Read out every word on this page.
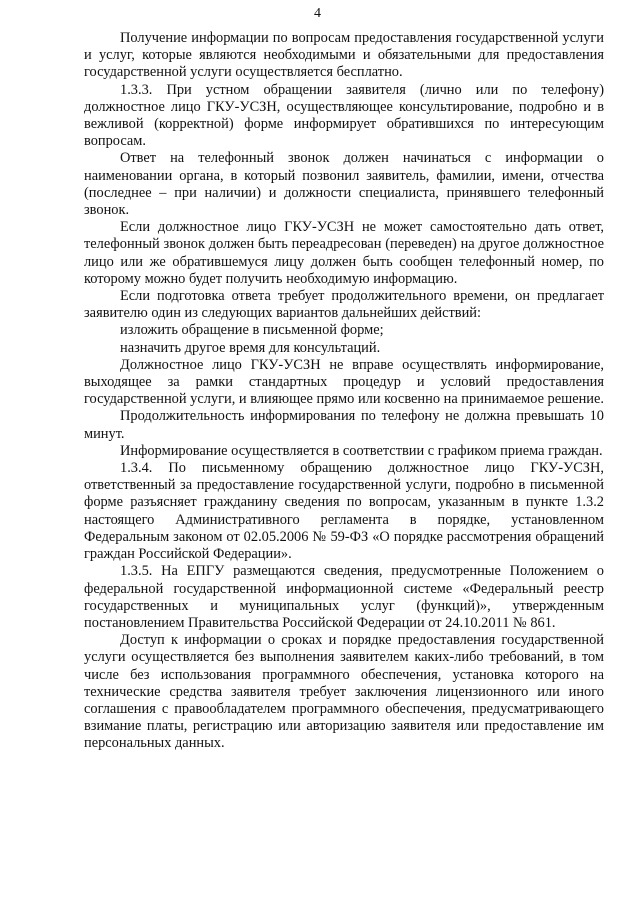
4

Получение информации по вопросам предоставления государственной услуги и услуг, которые являются необходимыми и обязательными для предоставления государственной услуги осуществляется бесплатно.

1.3.3. При устном обращении заявителя (лично или по телефону) должностное лицо ГКУ-УСЗН, осуществляющее консультирование, подробно и в вежливой (корректной) форме информирует обратившихся по интересующим вопросам.

Ответ на телефонный звонок должен начинаться с информации о наименовании органа, в который позвонил заявитель, фамилии, имени, отчества (последнее – при наличии) и должности специалиста, принявшего телефонный звонок.

Если должностное лицо ГКУ-УСЗН не может самостоятельно дать ответ, телефонный звонок должен быть переадресован (переведен) на другое должностное лицо или же обратившемуся лицу должен быть сообщен телефонный номер, по которому можно будет получить необходимую информацию.

Если подготовка ответа требует продолжительного времени, он предлагает заявителю один из следующих вариантов дальнейших действий:

изложить обращение в письменной форме;

назначить другое время для консультаций.

Должностное лицо ГКУ-УСЗН не вправе осуществлять информирование, выходящее за рамки стандартных процедур и условий предоставления государственной услуги, и влияющее прямо или косвенно на принимаемое решение.

Продолжительность информирования по телефону не должна превышать 10 минут.

Информирование осуществляется в соответствии с графиком приема граждан.

1.3.4. По письменному обращению должностное лицо ГКУ-УСЗН, ответственный за предоставление государственной услуги, подробно в письменной форме разъясняет гражданину сведения по вопросам, указанным в пункте 1.3.2 настоящего Административного регламента в порядке, установленном Федеральным законом от 02.05.2006 № 59-ФЗ «О порядке рассмотрения обращений граждан Российской Федерации».

1.3.5. На ЕПГУ размещаются сведения, предусмотренные Положением о федеральной государственной информационной системе «Федеральный реестр государственных и муниципальных услуг (функций)», утвержденным постановлением Правительства Российской Федерации от 24.10.2011 № 861.

Доступ к информации о сроках и порядке предоставления государственной услуги осуществляется без выполнения заявителем каких-либо требований, в том числе без использования программного обеспечения, установка которого на технические средства заявителя требует заключения лицензионного или иного соглашения с правообладателем программного обеспечения, предусматривающего взимание платы, регистрацию или авторизацию заявителя или предоставление им персональных данных.
